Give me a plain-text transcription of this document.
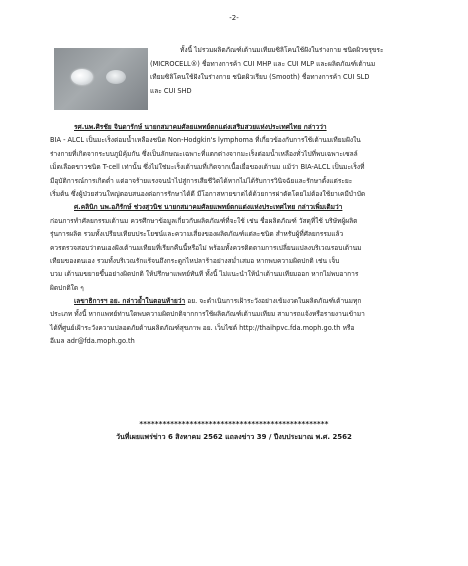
-2-
ทั้งนี้ ไม่รวมผลิตภัณฑ์เต้านมเทียมซิลิโคนใช้ฝังในร่างกาย ชนิดผิวขรุขระ
(MICROCELL®) ชื่อทางการค้า CUI MHP และ CUI MLP และผลิตภัณฑ์เต้านม
เทียมซิลิโคนใช้ฝังในร่างกาย ชนิดผิวเรียบ (Smooth) ชื่อทางการค้า CUI SLD
และ CUI SHD
รศ.นพ.ศิรชัย จินดารักษ์ นายกสมาคมศัลยแพทย์ตกแต่งเสริมสวยแห่งประเทศไทย กล่าวว่า
BIA - ALCL เป็นมะเร็งต่อมน้ำเหลืองชนิด Non-Hodgkin's lymphoma ที่เกี่ยวข้องกับการใช้เต้านมเทียมฝังใน
ร่างกายที่เกิดจากระบบภูมิคุ้มกัน ซึ่งเป็นลักษณะเฉพาะที่แตกต่างจากมะเร็งต่อมน้ำเหลืองทั่วไปที่พบเฉพาะเซลล์
เม็ดเลือดขาวชนิด T-cell เท่านั้น ซึ่งไม่ใช่มะเร็งเต้านมที่เกิดจากเนื้อเยื่อของเต้านม แม้ว่า BIA-ALCL เป็นมะเร็งที่
มีอุบัติการณ์การเกิดต่ำ แต่อาจร้ายแรงจนนำไปสู่การเสียชีวิตได้หากไม่ได้รับการวินิจฉัยและรักษาตั้งแต่ระยะ
เริ่มต้น ซึ่งผู้ป่วยส่วนใหญ่ตอบสนองต่อการรักษาได้ดี มีโอกาสหายขาดได้ด้วยการผ่าตัดโดยไม่ต้องใช้ยาเคมีบำบัด
ศ.คลินิก นพ.อภิรักษ์ ช่วงสุวนิช นายกสมาคมศัลยแพทย์ตกแต่งแห่งประเทศไทย กล่าวเพิ่มเติมว่า
ก่อนการทำศัลยกรรมเต้านม ควรศึกษาข้อมูลเกี่ยวกับผลิตภัณฑ์ที่จะใช้ เช่น ชื่อผลิตภัณฑ์ วัสดุที่ใช้ บริษัทผู้ผลิต
รุ่นการผลิต รวมทั้งเปรียบเทียบประโยชน์และความเสี่ยงของผลิตภัณฑ์แต่ละชนิด สำหรับผู้ที่ศัลยกรรมแล้ว
ควรตรวจสอบว่าตนเองฝังเต้านมเทียมที่เรียกคืนนี้หรือไม่ พร้อมทั้งควรติดตามการเปลี่ยนแปลงบริเวณรอบเต้านม
เทียมของตนเอง รวมทั้งบริเวณรักแร้จนถึงกระดูกไหปลาร้าอย่างสม่ำเสมอ หากพบความผิดปกติ เช่น เจ็บ
บวม เต้านมขยายขึ้นอย่างผิดปกติ ให้ปรึกษาแพทย์ทันที ทั้งนี้ ไม่แนะนำให้นำเต้านมเทียมออก หากไม่พบอาการ
ผิดปกติใด ๆ
เลขาธิการฯ อย. กล่าวย้ำในตอนท้ายว่า อย. จะดำเนินการเฝ้าระวังอย่างเข้มงวดในผลิตภัณฑ์เต้านมทุก
ประเภท ทั้งนี้ หากแพทย์ท่านใดพบความผิดปกติจากการใช้ผลิตภัณฑ์เต้านมเทียม สามารถแจ้งหรือรายงานเข้ามา
ได้ที่ศูนย์เฝ้าระวังความปลอดภัยด้านผลิตภัณฑ์สุขภาพ อย. เว็บไซต์ http://thaihpvc.fda.moph.go.th หรือ
อีเมล adr@fda.moph.go.th
*************************************************
วันที่เผยแพร่ข่าว 6 สิงหาคม 2562 แถลงข่าว 39 / ปีงบประมาณ พ.ศ. 2562
